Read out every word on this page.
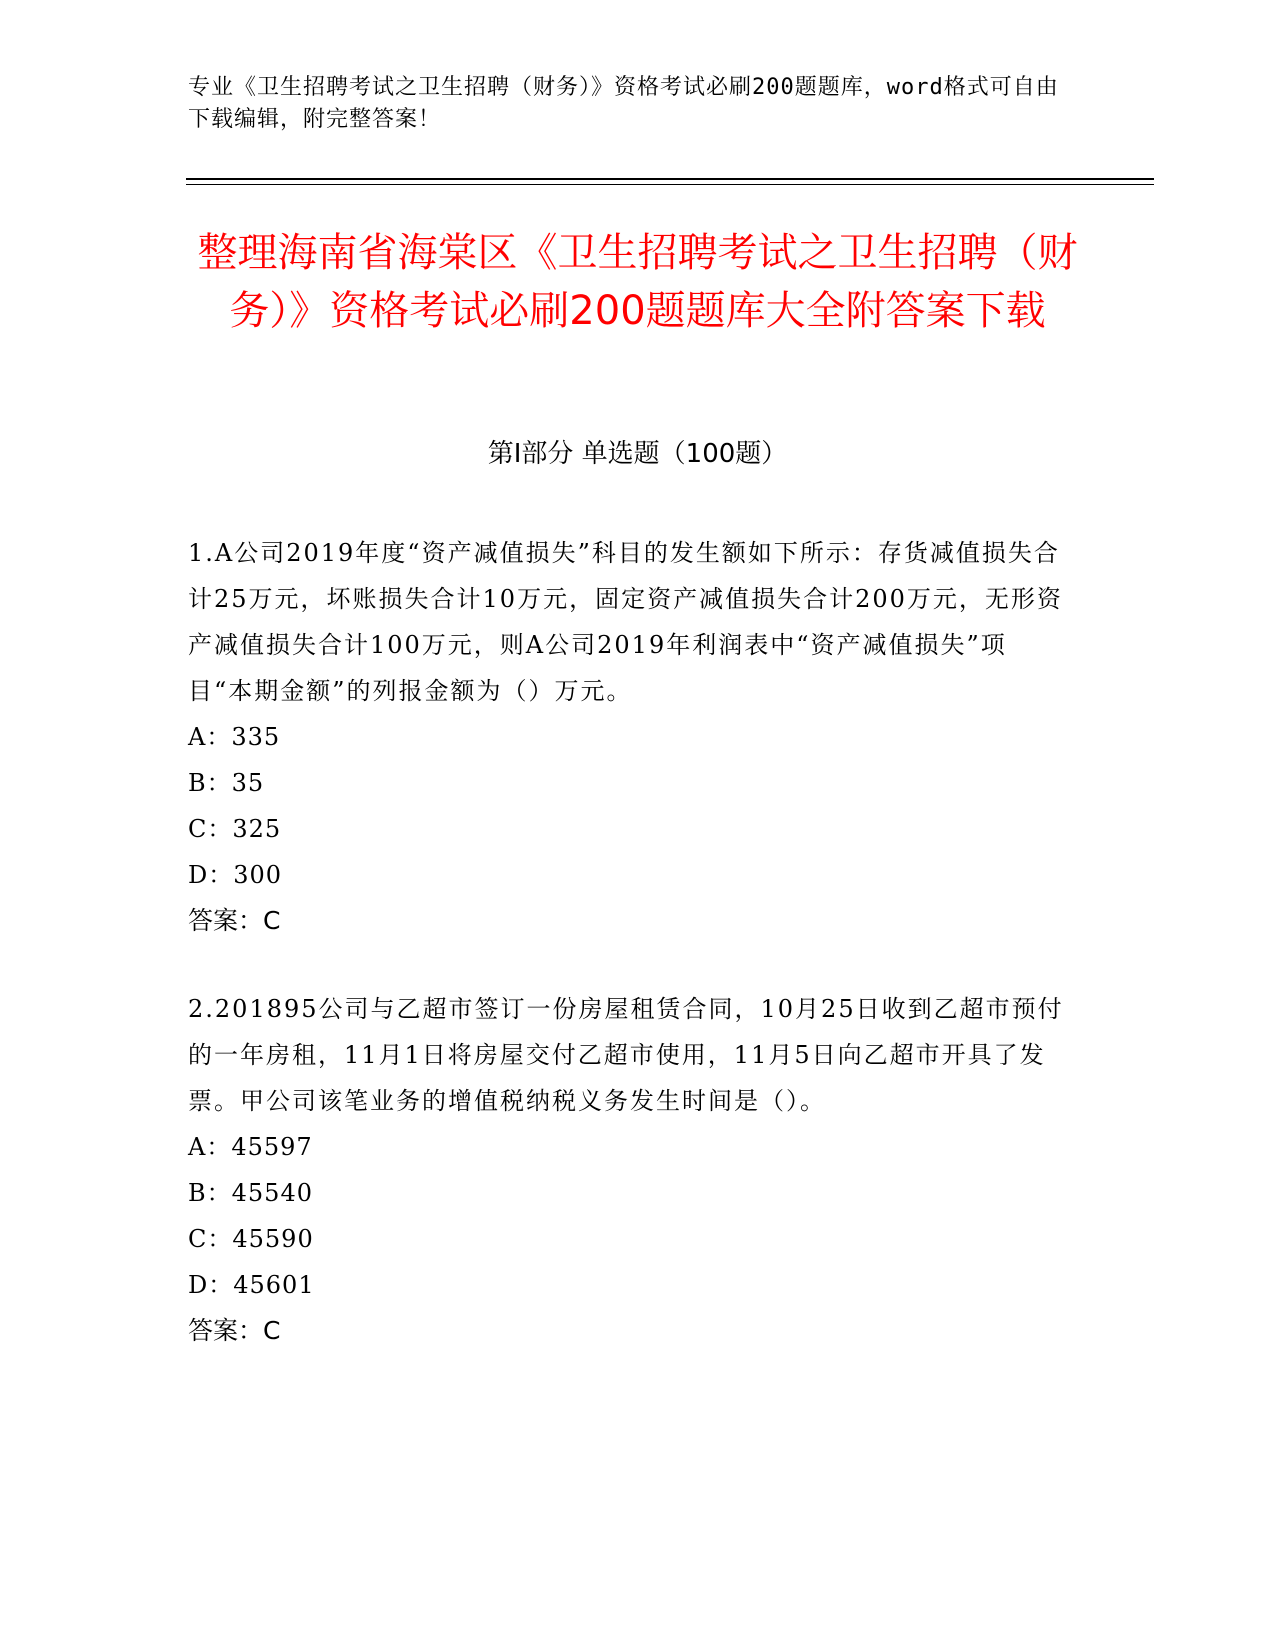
专业《卫生招聘考试之卫生招聘（财务）》资格考试必刷200题题库，word格式可自由下载编辑，附完整答案！
整理海南省海棠区《卫生招聘考试之卫生招聘（财务）》资格考试必刷200题题库大全附答案下载
第I部分 单选题（100题）

1.A公司2019年度“资产减值损失”科目的发生额如下所示：存货减值损失合计25万元，坏账损失合计10万元，固定资产减值损失合计200万元，无形资产减值损失合计100万元，则A公司2019年利润表中“资产减值损失”项目“本期金额”的列报金额为（）万元。

A：335

B：35

C：325

D：300

答案：C

2.201895公司与乙超市签订一份房屋租赁合同，10月25日收到乙超市预付的一年房租，11月1日将房屋交付乙超市使用，11月5日向乙超市开具了发票。甲公司该笔业务的增值税纳税义务发生时间是（）。

A：45597

B：45540

C：45590

D：45601

答案：C
